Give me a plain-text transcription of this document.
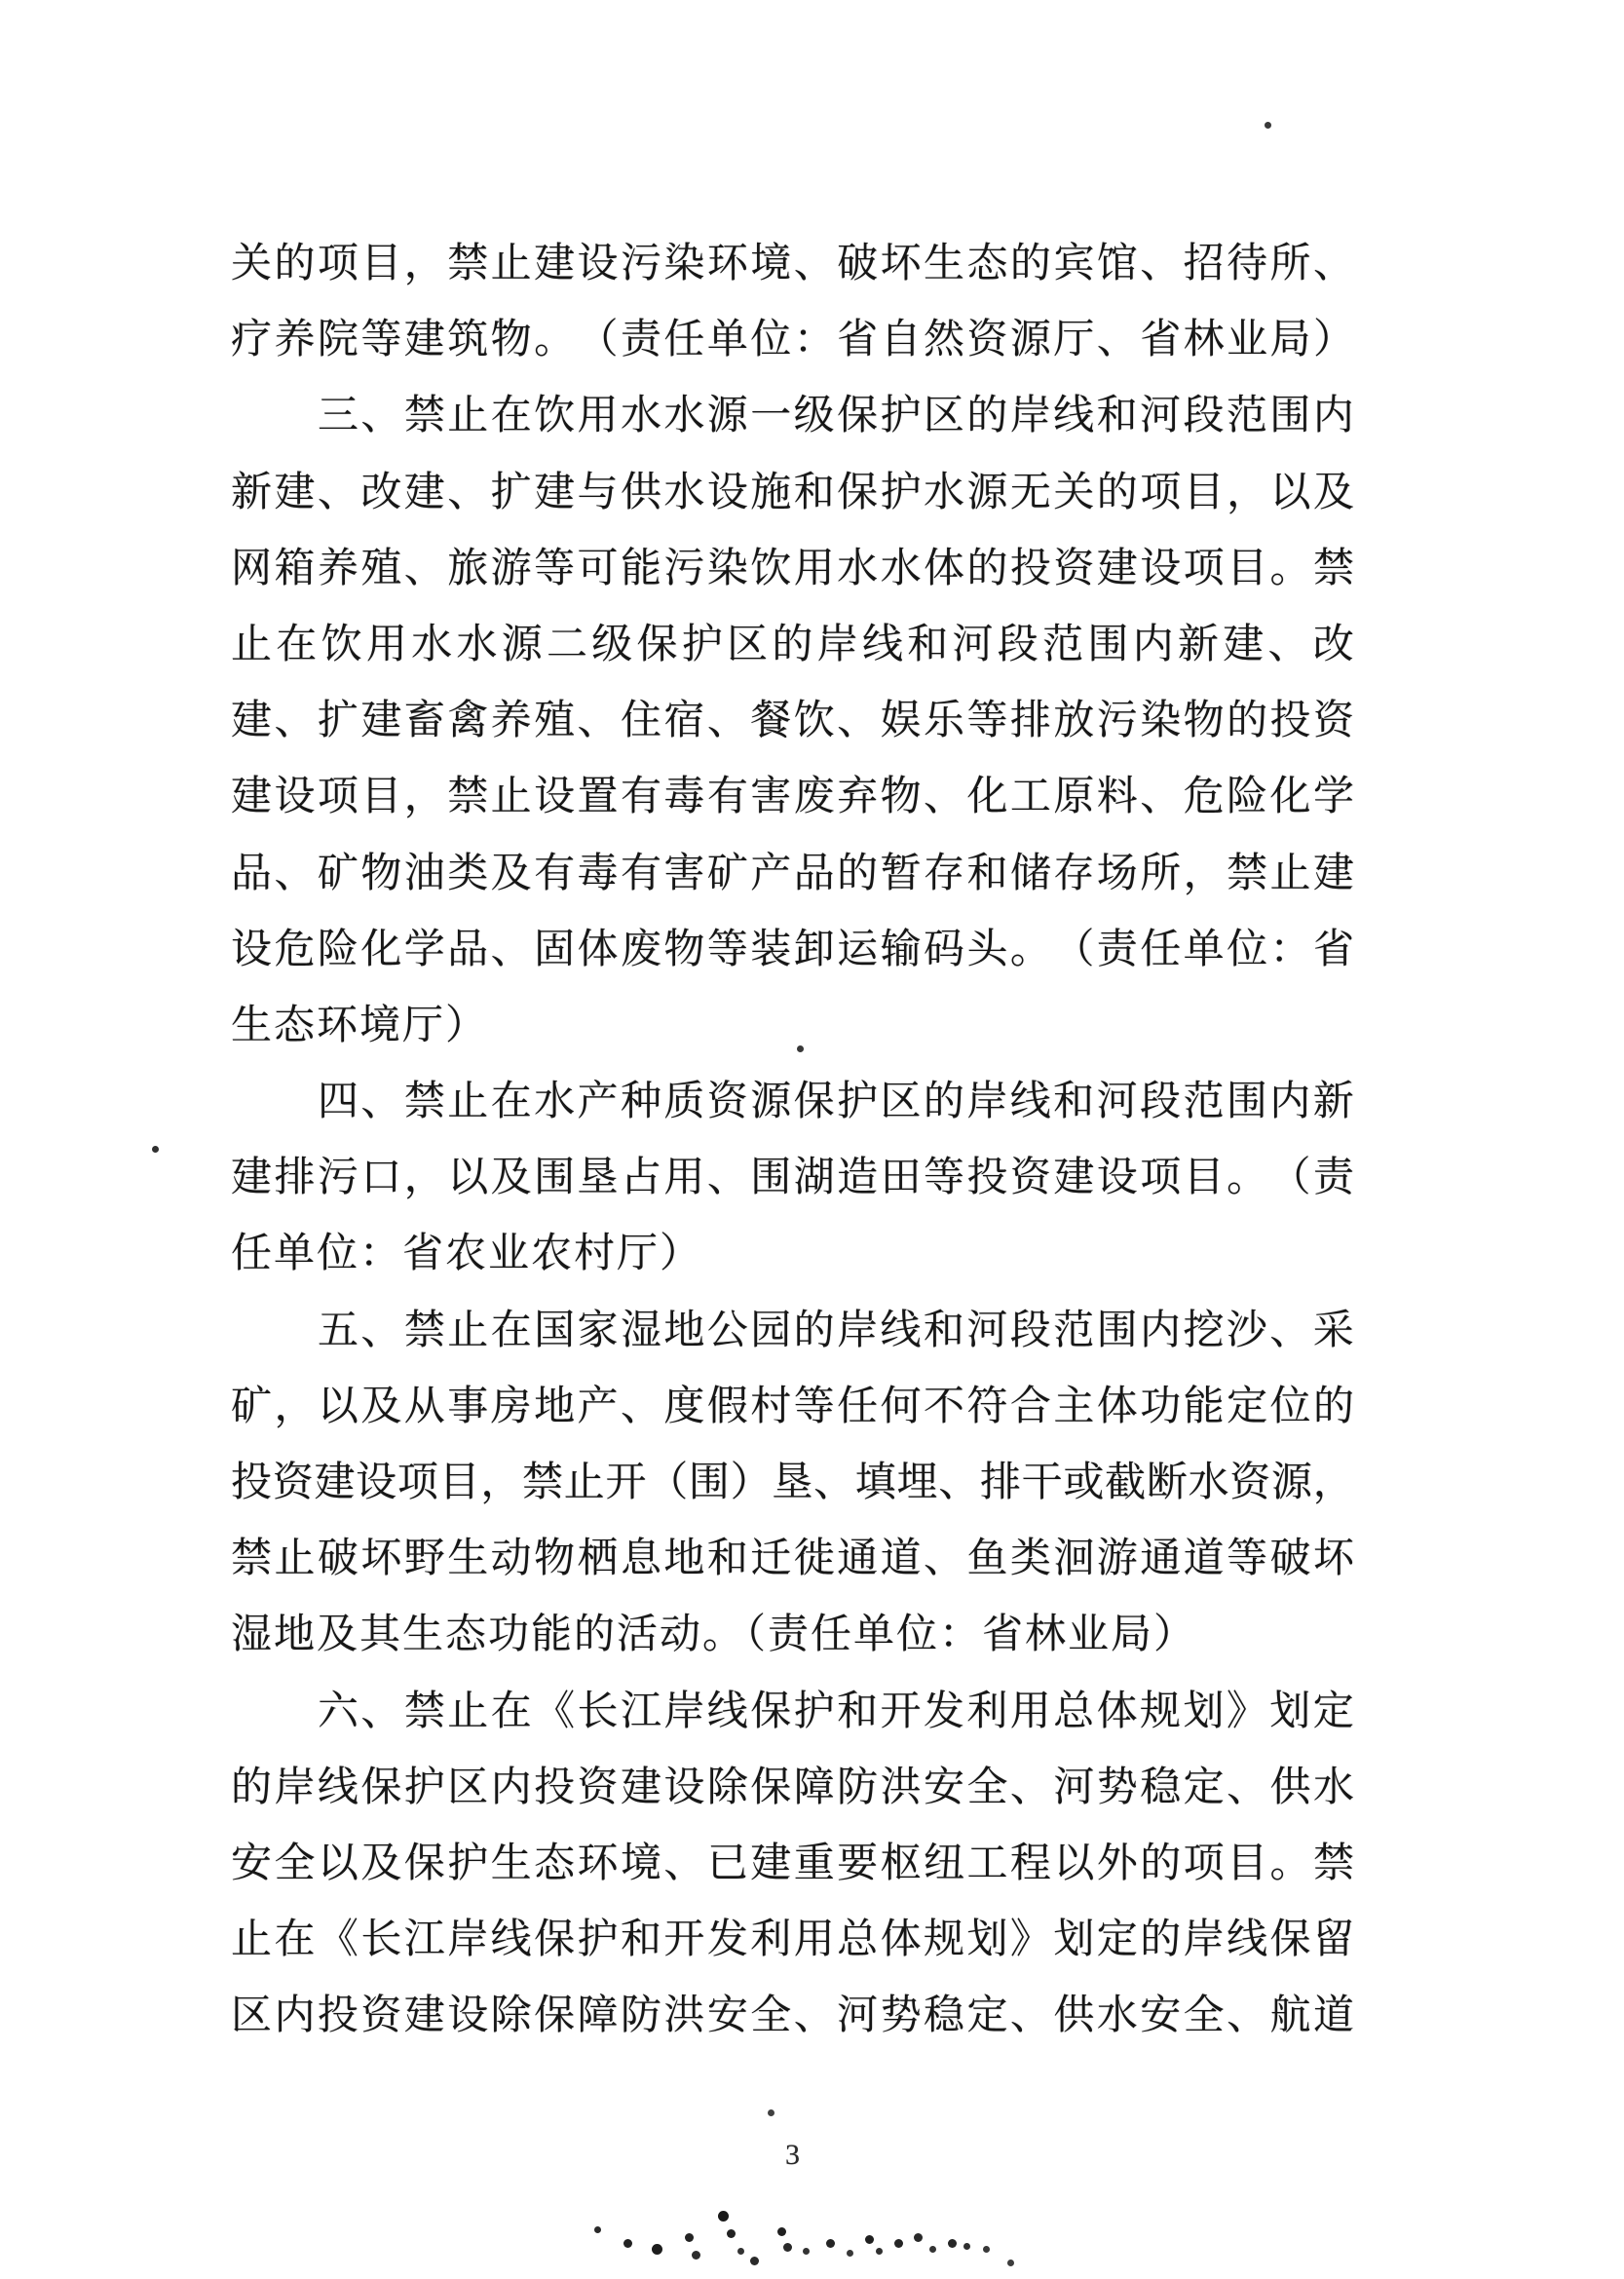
关 的 项 目 ， 禁 止 建 设 污 染 环 境 、 破 坏 生 态 的 宾 馆 、 招 待 所 、
疗 养 院 等 建 筑 物 。 （ 责 任 单 位 ： 省 自 然 资 源 厅 、 省 林 业 局 ）
三 、 禁 止 在 饮 用 水 水 源 一 级 保 护 区 的 岸 线 和 河 段 范 围 内
新 建 、 改 建 、 扩 建 与 供 水 设 施 和 保 护 水 源 无 关 的 项 目 ， 以 及
网 箱 养 殖 、 旅 游 等 可 能 污 染 饮 用 水 水 体 的 投 资 建 设 项 目 。 禁
止 在 饮 用 水 水 源 二 级 保 护 区 的 岸 线 和 河 段 范 围 内 新 建 、 改
建 、 扩 建 畜 禽 养 殖 、 住 宿 、 餐 饮 、 娱 乐 等 排 放 污 染 物 的 投 资
建 设 项 目 ， 禁 止 设 置 有 毒 有 害 废 弃 物 、 化 工 原 料 、 危 险 化 学
品 、 矿 物 油 类 及 有 毒 有 害 矿 产 品 的 暂 存 和 储 存 场 所 ， 禁 止 建
设 危 险 化 学 品 、 固 体 废 物 等 装 卸 运 输 码 头 。 （ 责 任 单 位 ： 省
生态环境厅）
四 、 禁 止 在 水 产 种 质 资 源 保 护 区 的 岸 线 和 河 段 范 围 内 新
建 排 污 口 ， 以 及 围 垦 占 用 、 围 湖 造 田 等 投 资 建 设 项 目 。 （ 责
任单位：省农业农村厅）
五 、 禁 止 在 国 家 湿 地 公 园 的 岸 线 和 河 段 范 围 内 挖 沙 、 采
矿 ， 以 及 从 事 房 地 产 、 度 假 村 等 任 何 不 符 合 主 体 功 能 定 位 的
投 资 建 设 项 目 ， 禁 止 开 （ 围 ） 垦 、 填 埋 、 排 干 或 截 断 水 资 源 ，
禁 止 破 坏 野 生 动 物 栖 息 地 和 迁 徙 通 道 、 鱼 类 洄 游 通 道 等 破 坏
湿地及其生态功能的活动。（责任单位：省林业局）
六 、 禁 止 在 《 长 江 岸 线 保 护 和 开 发 利 用 总 体 规 划 》 划 定
的 岸 线 保 护 区 内 投 资 建 设 除 保 障 防 洪 安 全 、 河 势 稳 定 、 供 水
安 全 以 及 保 护 生 态 环 境 、 已 建 重 要 枢 纽 工 程 以 外 的 项 目 。 禁
止 在 《 长 江 岸 线 保 护 和 开 发 利 用 总 体 规 划 》 划 定 的 岸 线 保 留
区 内 投 资 建 设 除 保 障 防 洪 安 全 、 河 势 稳 定 、 供 水 安 全 、 航 道
3
